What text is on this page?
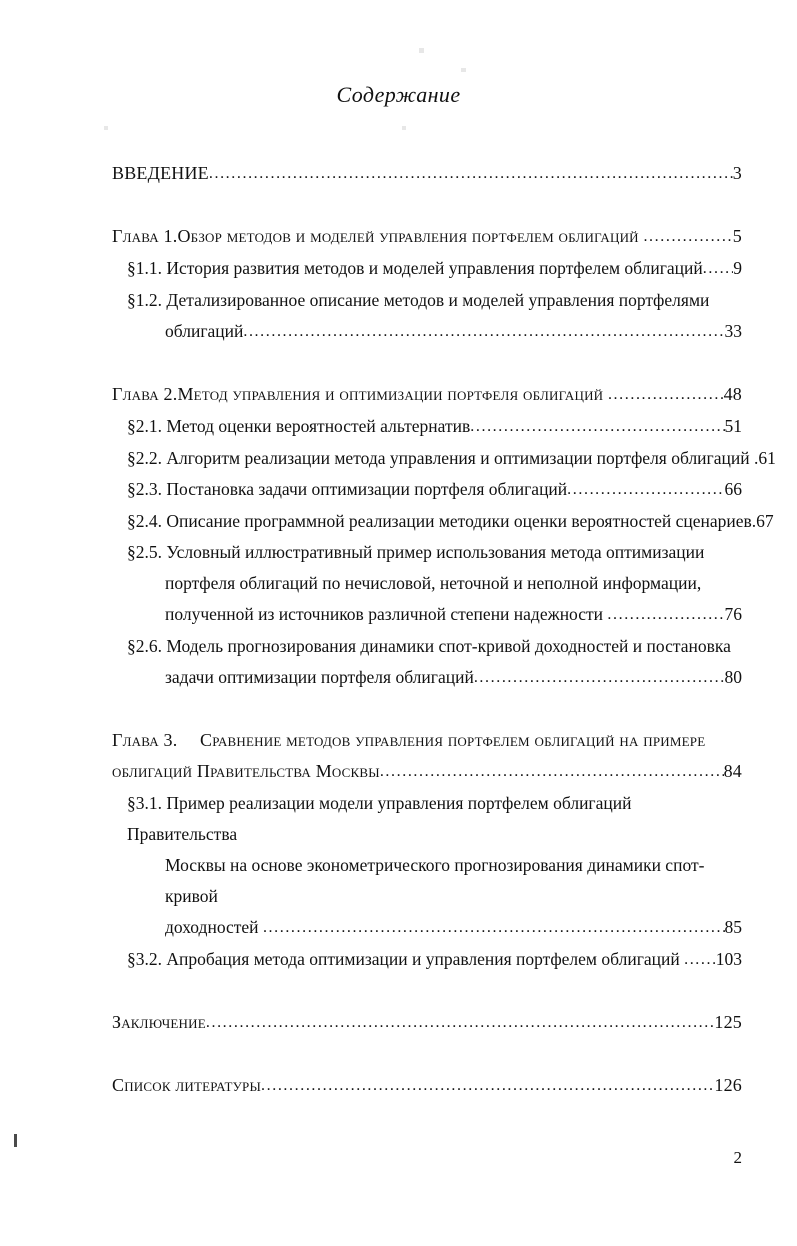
Содержание
ВВЕДЕНИЕ .....	3
Глава 1. Обзор методов и моделей управления портфелем облигаций .....	5
§1.1. История развития методов и моделей управления портфелем облигаций ..... 9
§1.2. Детализированное описание методов и моделей управления портфелями
облигаций .....	33
Глава 2. Метод управления и оптимизации портфеля облигаций .....	48
§2.1. Метод оценки вероятностей альтернатив .....	51
§2.2. Алгоритм реализации метода управления и оптимизации портфеля облигаций . 61
§2.3. Постановка задачи оптимизации портфеля облигаций .....	66
§2.4. Описание программной реализации методики оценки вероятностей сценариев. 67
§2.5. Условный иллюстративный пример использования метода оптимизации
портфеля облигаций по нечисловой, неточной и неполной информации,
полученной из источников различной степени надежности .....	76
§2.6. Модель прогнозирования динамики спот-кривой доходностей и постановка
задачи оптимизации портфеля облигаций .....	80
Глава 3. Сравнение методов управления портфелем облигаций на примере
облигаций Правительства Москвы .....	84
§3.1. Пример реализации модели управления портфелем облигаций Правительства
Москвы на основе эконометрического прогнозирования динамики спот-кривой
доходностей .....	85
§3.2. Апробация метода оптимизации и управления портфелем облигаций ..... 103
Заключение .....	125
Список литературы .....	126
2
